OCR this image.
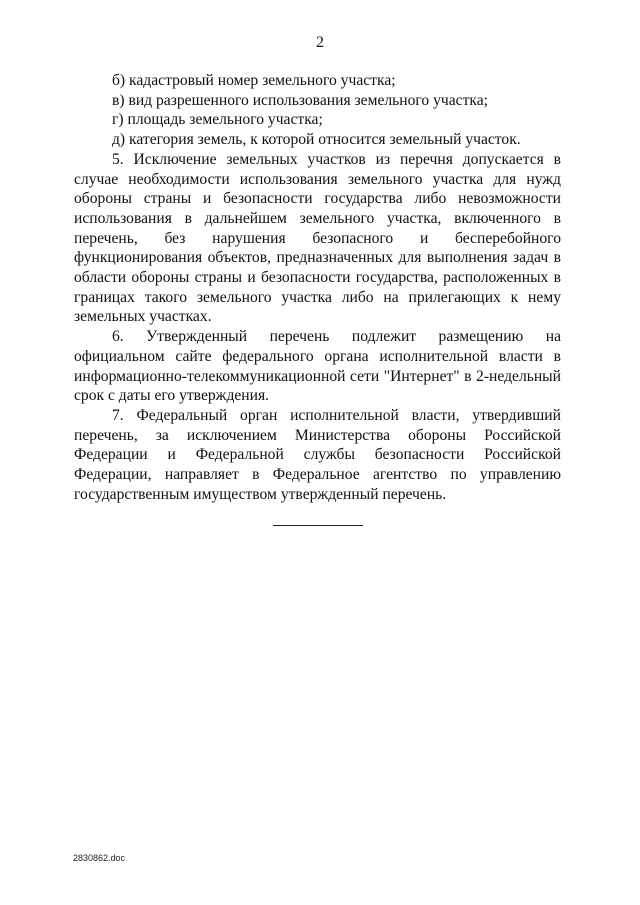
2

б) кадастровый номер земельного участка;

в) вид разрешенного использования земельного участка;

г) площадь земельного участка;

д) категория земель, к которой относится земельный участок.

5. Исключение земельных участков из перечня допускается в случае необходимости использования земельного участка для нужд обороны страны и безопасности государства либо невозможности использования в дальнейшем земельного участка, включенного в перечень, без нарушения безопасного и бесперебойного функционирования объектов, предназначенных для выполнения задач в области обороны страны и безопасности государства, расположенных в границах такого земельного участка либо на прилегающих к нему земельных участках.

6. Утвержденный перечень подлежит размещению на официальном сайте федерального органа исполнительной власти в информационно-телекоммуникационной сети "Интернет" в 2-недельный срок с даты его утверждения.

7. Федеральный орган исполнительной власти, утвердивший перечень, за исключением Министерства обороны Российской Федерации и Федеральной службы безопасности Российской Федерации, направляет в Федеральное агентство по управлению государственным имуществом утвержденный перечень.

2830862.doc
